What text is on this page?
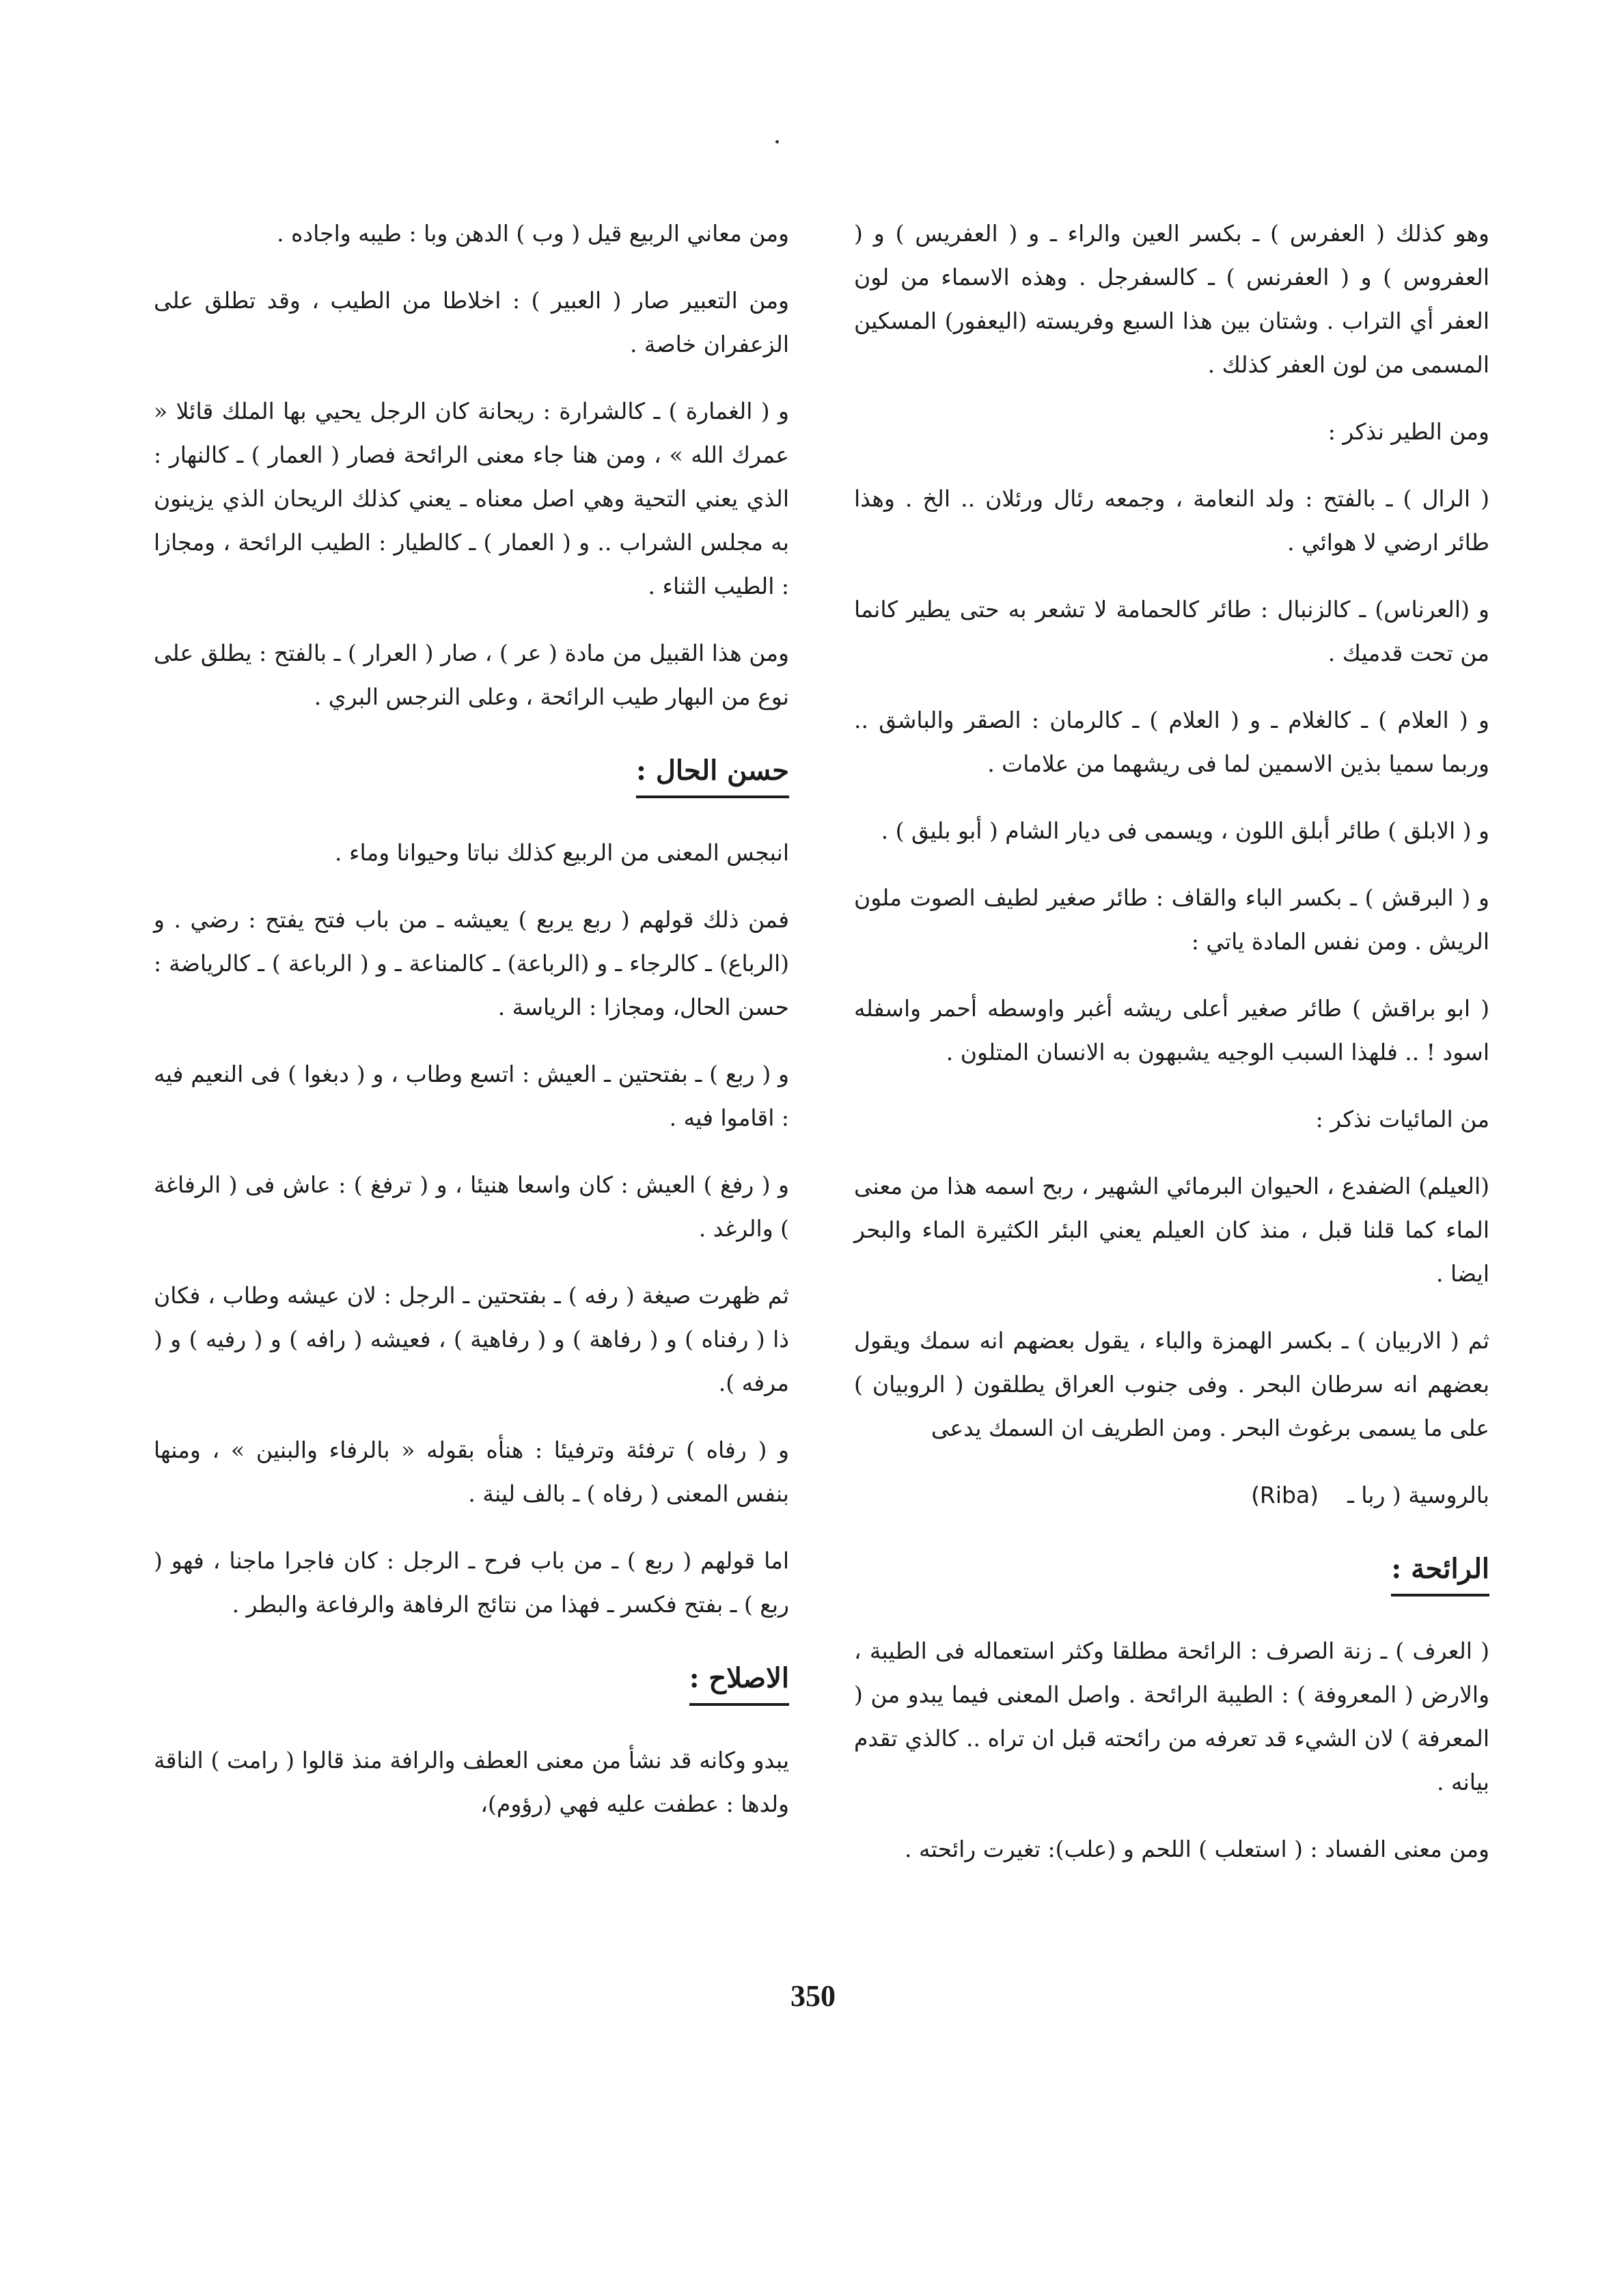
وهو كذلك ( العفرس ) ـ بكسر العين والراء ـ و ( العفريس ) و ( العفروس ) و ( العفرنس ) ـ كالسفرجل . وهذه الاسماء من لون العفر أي التراب . وشتان بين هذا السبع وفريسته (اليعفور) المسكين المسمى من لون العفر كذلك .

ومن الطير نذكر :

( الرال ) ـ بالفتح : ولد النعامة ، وجمعه رئال ورئلان .. الخ . وهذا طائر ارضي لا هوائي .

و (العرناس) ـ كالزنبال : طائر كالحمامة لا تشعر به حتى يطير كانما من تحت قدميك .

و ( العلام ) ـ كالغلام ـ و ( العلام ) ـ كالرمان : الصقر والباشق .. وربما سميا بذين الاسمين لما فى ريشهما من علامات .

و ( الابلق ) طائر أبلق اللون ، ويسمى فى ديار الشام ( أبو بليق ) .

و ( البرقش ) ـ بكسر الباء والقاف : طائر صغير لطيف الصوت ملون الريش . ومن نفس المادة ياتي :

( ابو براقش ) طائر صغير أعلى ريشه أغبر واوسطه أحمر واسفله اسود ! .. فلهذا السبب الوجيه يشبهون به الانسان المتلون .

من المائيات نذكر :

(العيلم) الضفدع ، الحيوان البرمائي الشهير ، ربح اسمه هذا من معنى الماء كما قلنا قبل ، منذ كان العيلم يعني البئر الكثيرة الماء والبحر ايضا .

ثم ( الاربيان ) ـ بكسر الهمزة والباء ، يقول بعضهم انه سمك ويقول بعضهم انه سرطان البحر . وفى جنوب العراق يطلقون ( الروبيان ) على ما يسمى برغوث البحر . ومن الطريف ان السمك يدعى

بالروسية ( ربا ـ    (Riba)

الرائحة :

( العرف ) ـ زنة الصرف : الرائحة مطلقا وكثر استعماله فى الطيبة ، والارض ( المعروفة ) : الطيبة الرائحة . واصل المعنى فيما يبدو من ( المعرفة ) لان الشيء قد تعرفه من رائحته قبل ان تراه .. كالذي تقدم بيانه .

ومن معنى الفساد : ( استعلب ) اللحم و (علب): تغيرت رائحته .

ومن معاني الربيع قيل ( وب ) الدهن وبا : طيبه واجاده .

ومن التعبير صار ( العبير ) : اخلاطا من الطيب ، وقد تطلق على الزعفران خاصة .

و ( الغمارة ) ـ كالشرارة : ريحانة كان الرجل يحيي بها الملك قائلا « عمرك الله » ، ومن هنا جاء معنى الرائحة فصار ( العمار ) ـ كالنهار : الذي يعني التحية وهي اصل معناه ـ يعني كذلك الريحان الذي يزينون به مجلس الشراب .. و ( العمار ) ـ كالطيار : الطيب الرائحة ، ومجازا : الطيب الثناء .

ومن هذا القبيل من مادة ( عر ) ، صار ( العرار ) ـ بالفتح : يطلق على نوع من البهار طيب الرائحة ، وعلى النرجس البري .

حسن الحال :

انبجس المعنى من الربيع كذلك نباتا وحيوانا وماء .

فمن ذلك قولهم ( ربع يربع ) يعيشه ـ من باب فتح يفتح : رضي . و (الرباع) ـ كالرجاء ـ و (الرباعة) ـ كالمناعة ـ و ( الرباعة ) ـ كالرياضة : حسن الحال، ومجازا : الرياسة .

و ( ربع ) ـ بفتحتين ـ العيش : اتسع وطاب ، و ( دبغوا ) فى النعيم فيه : اقاموا فيه .

و ( رفغ ) العيش : كان واسعا هنيئا ، و ( ترفغ ) : عاش فى ( الرفاغة ) والرغد .

ثم ظهرت صيغة ( رفه ) ـ بفتحتين ـ الرجل : لان عيشه وطاب ، فكان ذا ( رفناه ) و ( رفاهة ) و ( رفاهية ) ، فعيشه ( رافه ) و ( رفيه ) و ( مرفه ).

و ( رفاه ) ترفئة وترفيئا : هنأه بقوله « بالرفاء والبنين » ، ومنها بنفس المعنى ( رفاه ) ـ بالف لينة .

اما قولهم ( ربع ) ـ من باب فرح ـ الرجل : كان فاجرا ماجنا ، فهو ( ربع ) ـ بفتح فكسر ـ فهذا من نتائج الرفاهة والرفاعة والبطر .

الاصلاح :

يبدو وكانه قد نشأ من معنى العطف والرافة منذ قالوا ( رامت ) الناقة ولدها : عطفت عليه فهي (رؤوم)،

350
